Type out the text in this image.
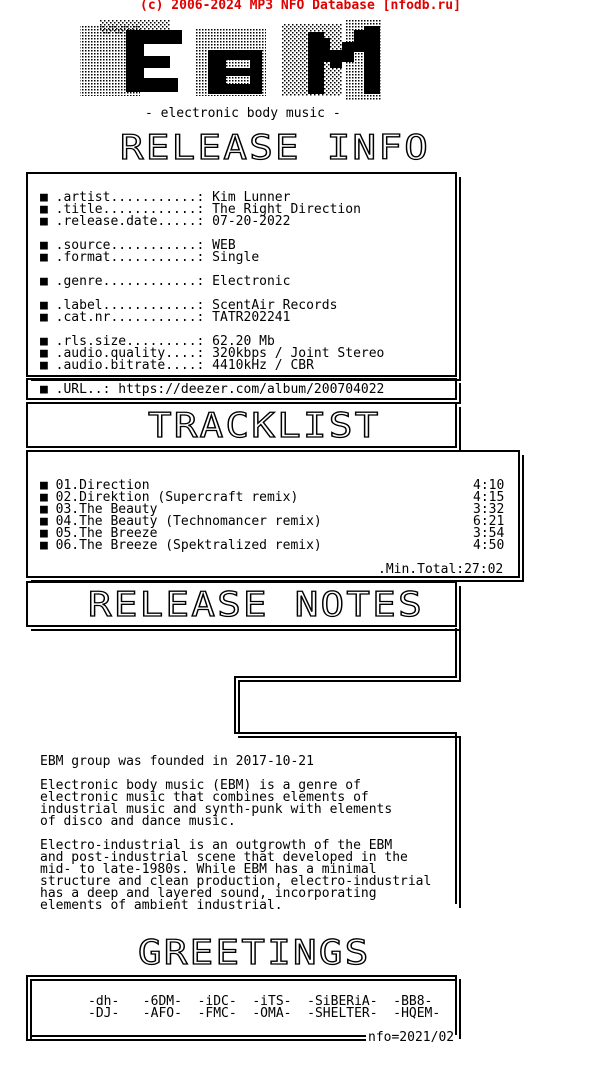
(c) 2006-2024 MP3 NFO Database [nfodb.ru]
- electronic body music -
RELEASE INFO
■ .artist...........: Kim Lunner
■ .title............: The Right Direction
■ .release.date.....: 07-20-2022
■ .source...........: WEB
■ .format...........: Single
■ .genre............: Electronic
■ .label............: ScentAir Records
■ .cat.nr...........: TATR202241
■ .rls.size.........: 62.20 Mb
■ .audio.quality....: 320kbps / Joint Stereo
■ .audio.bitrate....: 4410kHz / CBR
■ .URL..: https://deezer.com/album/200704022
TRACKLIST
■ 01.Direction	4:10
■ 02.Direktion (Supercraft remix)	4:15
■ 03.The Beauty	3:32
■ 04.The Beauty (Technomancer remix)	6:21
■ 05.The Breeze	3:54
■ 06.The Breeze (Spektralized remix)	4:50
.Min.Total:27:02
RELEASE NOTES
EBM group was founded in 2017-10-21
Electronic body music (EBM) is a genre of
electronic music that combines elements of
industrial music and synth-punk with elements
of disco and dance music.
Electro-industrial is an outgrowth of the EBM
and post-industrial scene that developed in the
mid- to late-1980s. While EBM has a minimal
structure and clean production, electro-industrial
has a deep and layered sound, incorporating
elements of ambient industrial.
GREETINGS
-dh-   -6DM-  -iDC-  -iTS-  -SiBERiA-  -BB8-
-DJ-   -AFO-  -FMC-  -OMA-  -SHELTER-  -HQEM-
nfo=2021/02
